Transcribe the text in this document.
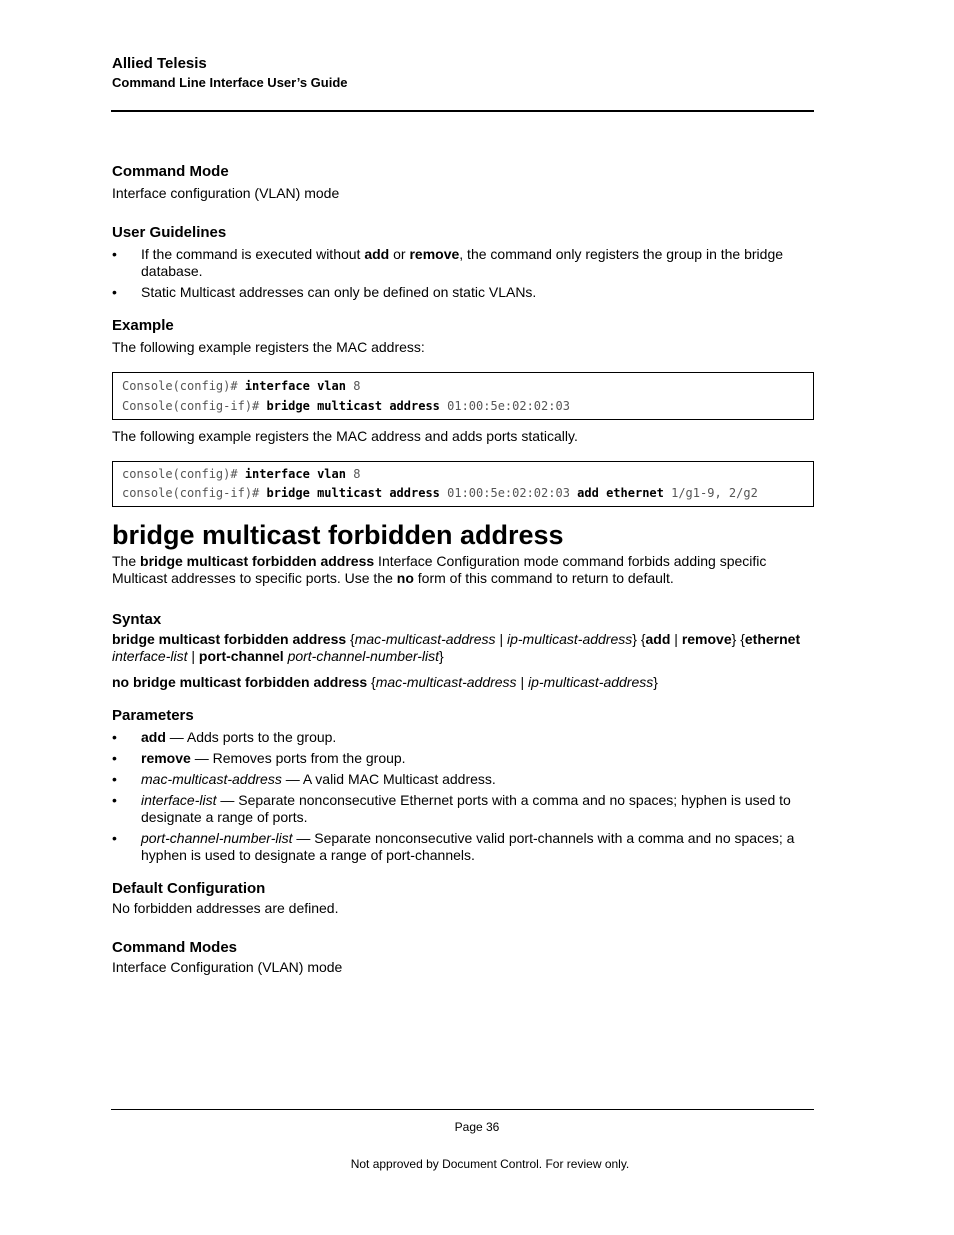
Allied Telesis
Command Line Interface User’s Guide
Command Mode

Interface configuration (VLAN) mode

User Guidelines
• If the command is executed without add or remove, the command only registers the group in the bridge database.
• Static Multicast addresses can only be defined on static VLANs.
Example

The following example registers the MAC address:

Console(config)# interface vlan 8
Console(config-if)# bridge multicast address 01:00:5e:02:02:03

The following example registers the MAC address and adds ports statically.

console(config)# interface vlan 8
console(config-if)# bridge multicast address 01:00:5e:02:02:03 add ethernet 1/g1-9, 2/g2
bridge multicast forbidden address

The bridge multicast forbidden address Interface Configuration mode command forbids adding specific Multicast addresses to specific ports. Use the no form of this command to return to default.

Syntax

bridge multicast forbidden address {mac-multicast-address | ip-multicast-address} {add | remove} {ethernet interface-list | port-channel port-channel-number-list}

no bridge multicast forbidden address {mac-multicast-address | ip-multicast-address}

Parameters
• add — Adds ports to the group.
• remove — Removes ports from the group.
• mac-multicast-address — A valid MAC Multicast address.
• interface-list — Separate nonconsecutive Ethernet ports with a comma and no spaces; hyphen is used to designate a range of ports.
• port-channel-number-list — Separate nonconsecutive valid port-channels with a comma and no spaces; a hyphen is used to designate a range of port-channels.
Default Configuration

No forbidden addresses are defined.

Command Modes

Interface Configuration (VLAN) mode

Page 36
Not approved by Document Control. For review only.
